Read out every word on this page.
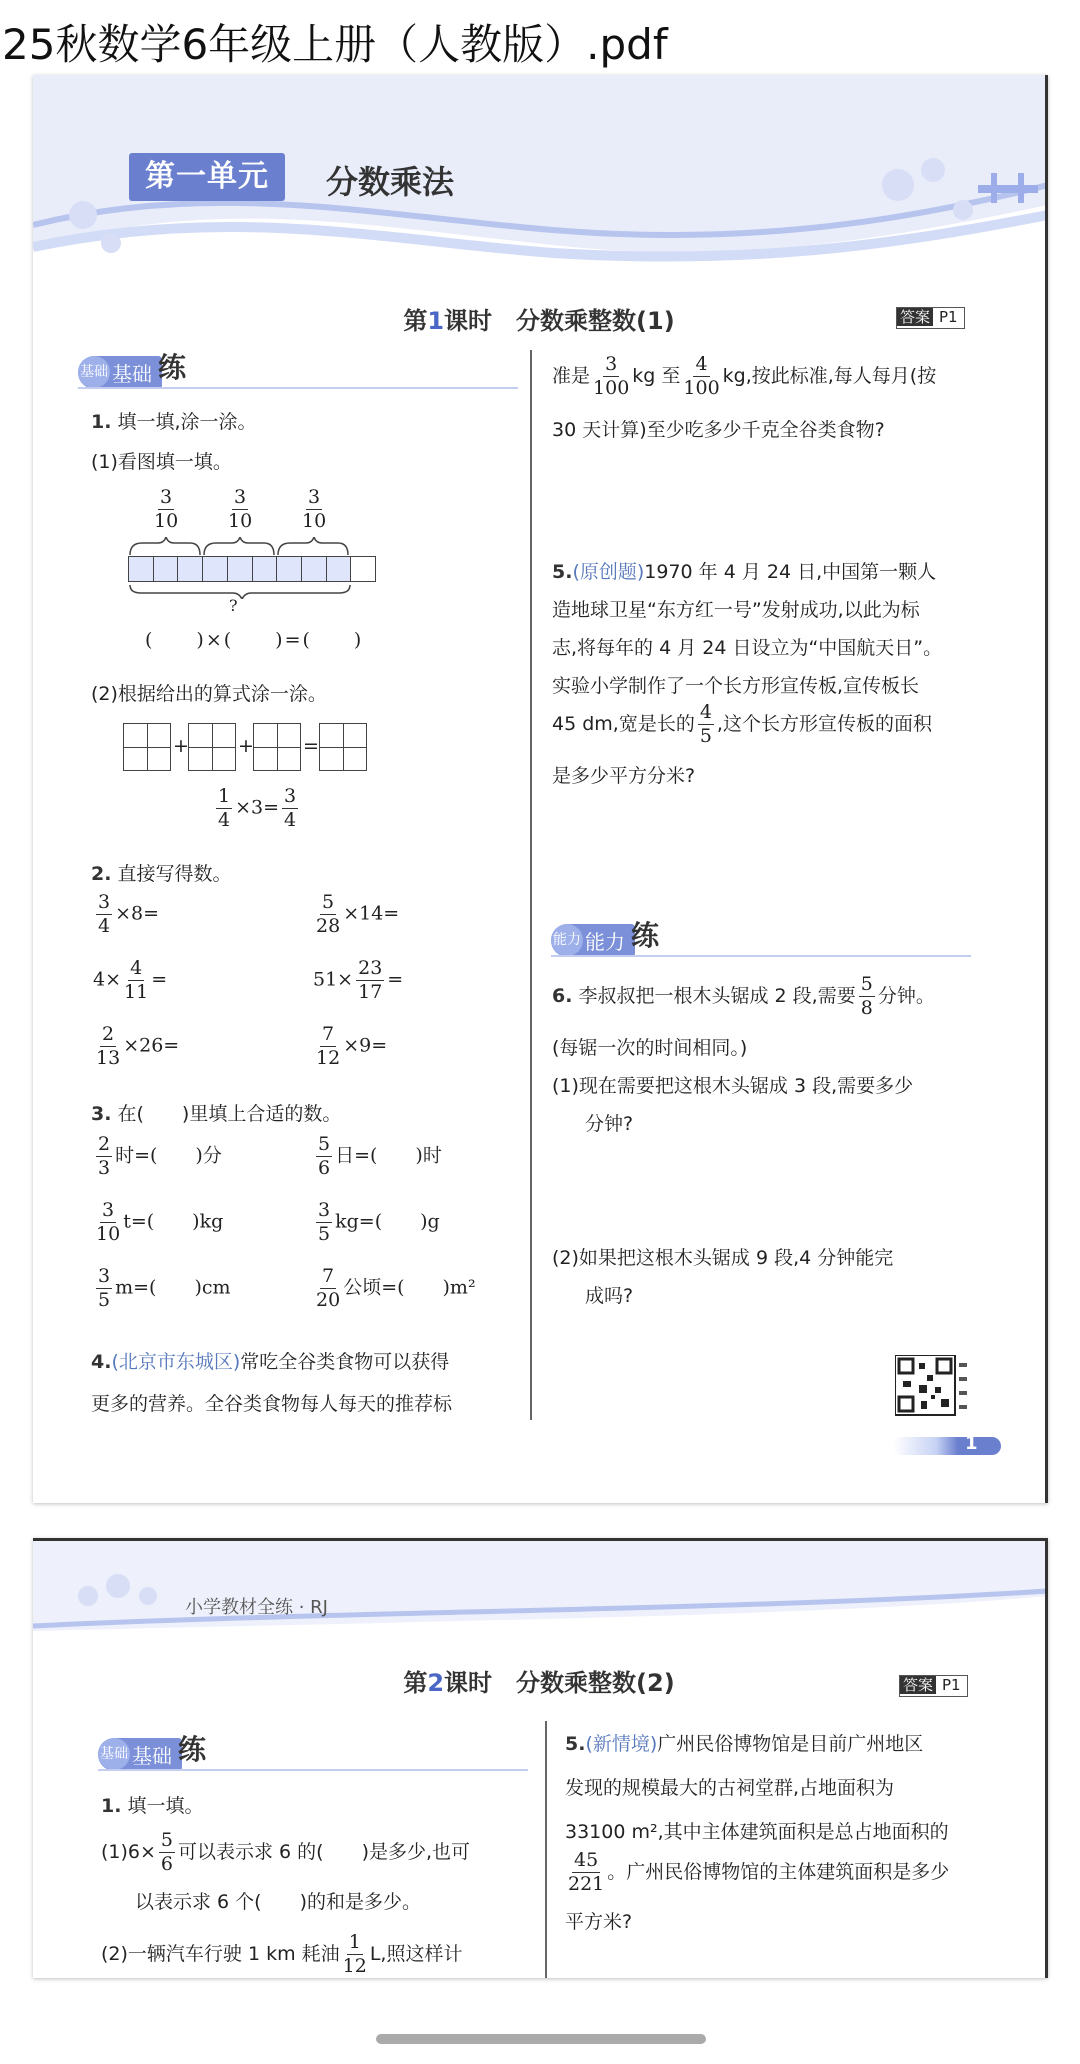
25秋数学6年级上册（人教版）.pdf
第一单元	分数乘法
第1课时　分数乘整数(1)	答案 P1
基础 基础 练
1. 填一填,涂一涂。
(1)看图填一填。
$\frac{3}{10}$	$\frac{3}{10}$	$\frac{3}{10}$
?
(　　)×(　　)=(　　)
(2)根据给出的算式涂一涂。
+	+	=
$\frac{1}{4} \times 3= \frac{3}{4}$
2. 直接写得数。
$\frac{3}{4} \times 8=$	$\frac{5}{28} \times 14=$
$4\times \frac{4}{11}$ =	$51\times \frac{23}{17}$ =
$\frac{2}{13} \times 26=$	$\frac{7}{12} \times 9=$
3. 在(　　)里填上合适的数。
$\frac{2}{3}$ 时=(　　)分	$\frac{5}{6}$ 日=(　　)时
$\frac{3}{10} t=$(　　)kg	$\frac{3}{5} kg=$(　　)g
$\frac{3}{5} m=$(　　)cm	$\frac{7}{20}$ 公顷=(　　)m²
4.(北京市东城区)常吃全谷类食物可以获得
更多的营养。全谷类食物每人每天的推荐标
准是 $\frac{3}{100}$ kg 至 $\frac{4}{100}$ kg,按此标准,每人每月(按
30 天计算)至少吃多少千克全谷类食物?
5.(原创题)1970 年 4 月 24 日,中国第一颗人
造地球卫星“东方红一号”发射成功,以此为标
志,将每年的 4 月 24 日设立为“中国航天日”。
实验小学制作了一个长方形宣传板,宣传板长
45 dm,宽是长的 $\frac{4}{5}$ ,这个长方形宣传板的面积
是多少平方分米?
能力 能力 练
6. 李叔叔把一根木头锯成 2 段,需要 $\frac{5}{8}$ 分钟。
(每锯一次的时间相同。)
(1)现在需要把这根木头锯成 3 段,需要多少
分钟?
(2)如果把这根木头锯成 9 段,4 分钟能完
成吗?
1
小学教材全练 · RJ
第2课时　分数乘整数(2)	答案 P1
基础 基础 练
1. 填一填。
$(1)6\times \frac{5}{6}$ 可以表示求 6 的(　　)是多少,也可
以表示求 6 个(　　)的和是多少。
(2)一辆汽车行驶 1 km 耗油 $\frac{1}{12} L$,照这样计
5.(新情境)广州民俗博物馆是目前广州地区
发现的规模最大的古祠堂群,占地面积为
33100 m²,其中主体建筑面积是总占地面积的
$\frac{45}{221}$ 。广州民俗博物馆的主体建筑面积是多少
平方米?
